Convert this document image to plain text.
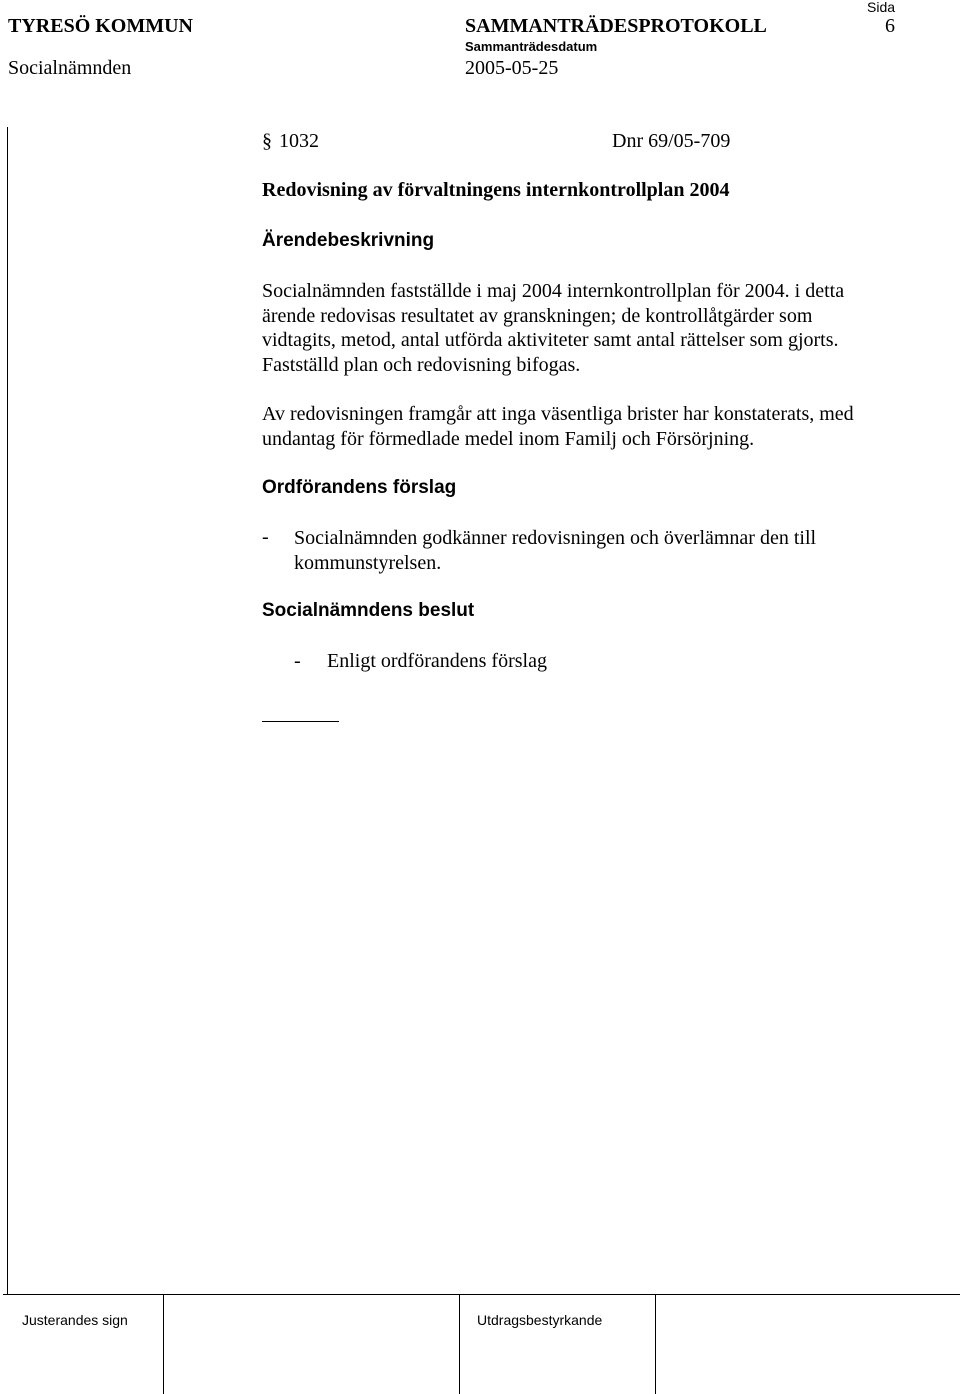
TYRESÖ KOMMUN	SAMMANTRÄDESPROTOKOLL
Sida
6
Sammanträdesdatum
Socialnämnden	2005-05-25
§ 1032	Dnr 69/05-709
Redovisning av förvaltningens internkontrollplan 2004
Ärendebeskrivning
Socialnämnden fastställde i maj 2004 internkontrollplan för 2004. i detta
ärende redovisas resultatet av granskningen; de kontrollåtgärder som
vidtagits, metod, antal utförda aktiviteter samt antal rättelser som gjorts.
Fastställd plan och redovisning bifogas.
Av redovisningen framgår att inga väsentliga brister har konstaterats, med
undantag för förmedlade medel inom Familj och Försörjning.
Ordförandens förslag
- Socialnämnden godkänner redovisningen och överlämnar den till
kommunstyrelsen.
Socialnämndens beslut
- Enligt ordförandens förslag
Justerandes sign	Utdragsbestyrkande
